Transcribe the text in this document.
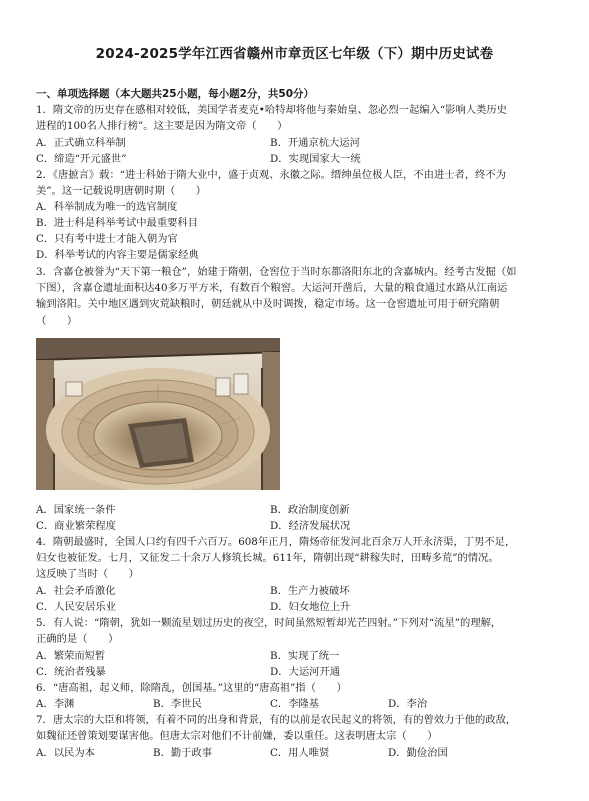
2024-2025学年江西省赣州市章贡区七年级（下）期中历史试卷
一、单项选择题（本大题共25小题，每小题2分，共50分）
1．隋文帝的历史存在感相对较低，美国学者麦克•哈特却将他与秦始皇、忽必烈一起编入“影响人类历史
进程的100名人排行榜”。这主要是因为隋文帝（　　）
A．正式确立科举制	B．开通京杭大运河
C．缔造“开元盛世”	D．实现国家大一统
2．《唐摭言》载：“进士科始于隋大业中，盛于贞观、永徽之际。缙绅虽位极人臣，不由进士者，终不为
美”。这一记载说明唐朝时期（　　）
A．科举制成为唯一的选官制度
B．进士科是科举考试中最重要科目
C．只有考中进士才能入朝为官
D．科举考试的内容主要是儒家经典
3．含嘉仓被誉为“天下第一粮仓”，始建于隋朝，仓窖位于当时东都洛阳东北的含嘉城内。经考古发掘（如
下图），含嘉仓遗址面积达40多万平方米，有数百个粮窖。大运河开凿后，大量的粮食通过水路从江南运
输到洛阳。关中地区遇到灾荒缺粮时，朝廷就从中及时调拨，稳定市场。这一仓窖遗址可用于研究隋朝
（　　）
A．国家统一条件	B．政治制度创新
C．商业繁荣程度	D．经济发展状况
4．隋朝最盛时，全国人口约有四千六百万。608年正月，隋炀帝征发河北百余万人开永济渠，丁男不足，
妇女也被征发。七月，又征发二十余万人修筑长城。611年，隋朝出现“耕稼失时，田畴多荒”的情况。
这反映了当时（　　）
A．社会矛盾激化	B．生产力被破坏
C．人民安居乐业	D．妇女地位上升
5．有人说：“隋朝，犹如一颗流星划过历史的夜空，时间虽然短暂却光芒四射。”下列对“流星”的理解，
正确的是（　　）
A．繁荣而短暂	B．实现了统一
C．统治者残暴	D．大运河开通
6．“唐高祖，起义师，除隋乱，创国基。”这里的“唐高祖”指（　　）
A．李渊	B．李世民	C．李隆基	D．李治
7．唐太宗的大臣和将领，有着不同的出身和背景，有的以前是农民起义的将领，有的曾效力于他的政敌，
如魏征还曾策划要谋害他。但唐太宗对他们不计前嫌，委以重任。这表明唐太宗（　　）
A．以民为本	B．勤于政事	C．用人唯贤	D．勤俭治国
